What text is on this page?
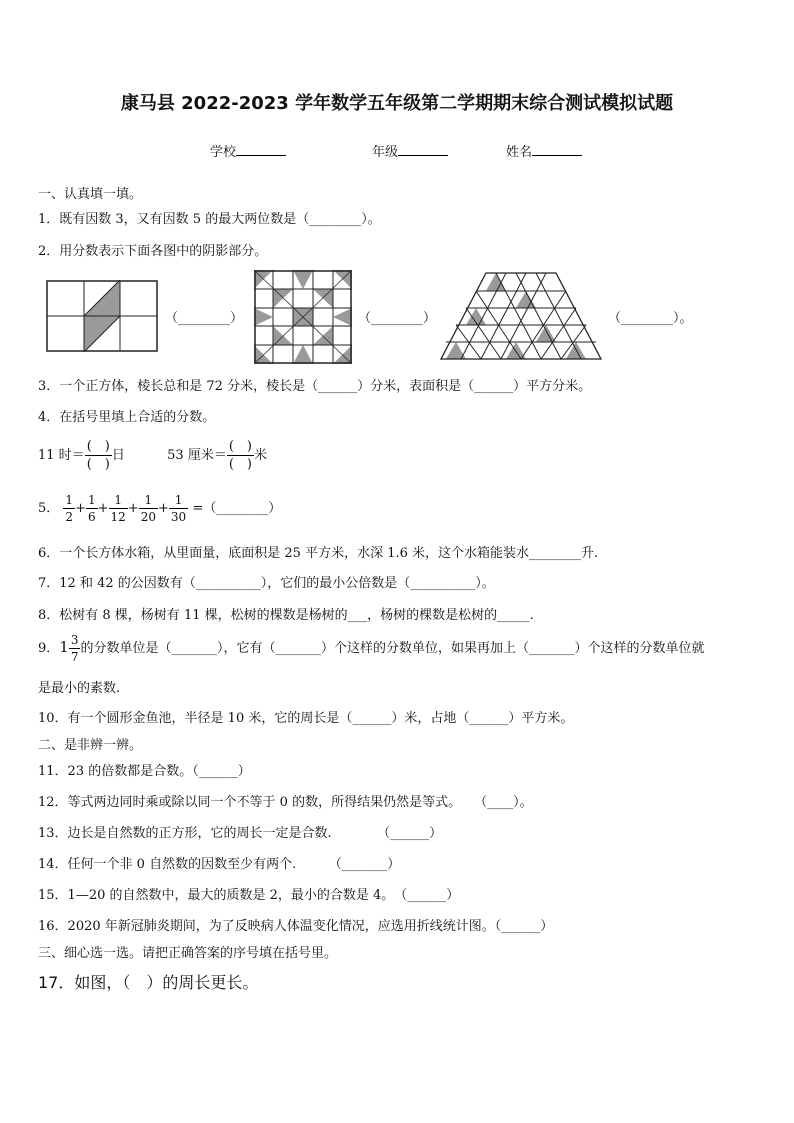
康马县 2022-2023 学年数学五年级第二学期期末综合测试模拟试题
学校	年级	姓名
一、认真填一填。
1．既有因数 3，又有因数 5 的最大两位数是（________）。
2．用分数表示下面各图中的阴影部分。
（________）	（________）	（________）。
3．一个正方体，棱长总和是 72 分米，棱长是（______）分米，表面积是（______）平方分米。
4．在括号里填上合适的分数。
11 时＝ $\frac{( )}{( )}$ 日	53 厘米＝ $\frac{( )}{( )}$ 米
5． $\frac{1}{2} + \frac{1}{6} + \frac{1}{12} + \frac{1}{20} + \frac{1}{30}$ =（________）
6．一个长方体水箱，从里面量，底面积是 25 平方米，水深 1.6 米，这个水箱能装水________升.
7．12 和 42 的公因数有（__________），它们的最小公倍数是（__________）。
8．松树有 8 棵，杨树有 11 棵，松树的棵数是杨树的___，杨树的棵数是松树的_____.
9．$1 \frac{3}{7}$ 的分数单位是（_______），它有（_______）个这样的分数单位，如果再加上（_______）个这样的分数单位就
是最小的素数.
10．有一个圆形金鱼池，半径是 10 米，它的周长是（______）米，占地（______）平方米。
二、是非辨一辨。
11．23 的倍数都是合数。（______）
12．等式两边同时乘或除以同一个不等于 0 的数，所得结果仍然是等式。　　（____）。
13．边长是自然数的正方形，它的周长一定是合数.　　　　（______）
14．任何一个非 0 自然数的因数至少有两个.　　　（_______）
15．1—20 的自然数中，最大的质数是 2，最小的合数是 4。　（______）
16．2020 年新冠肺炎期间，为了反映病人体温变化情况，应选用折线统计图。（______）
三、细心选一选。请把正确答案的序号填在括号里。
17．如图，（　）的周长更长。
